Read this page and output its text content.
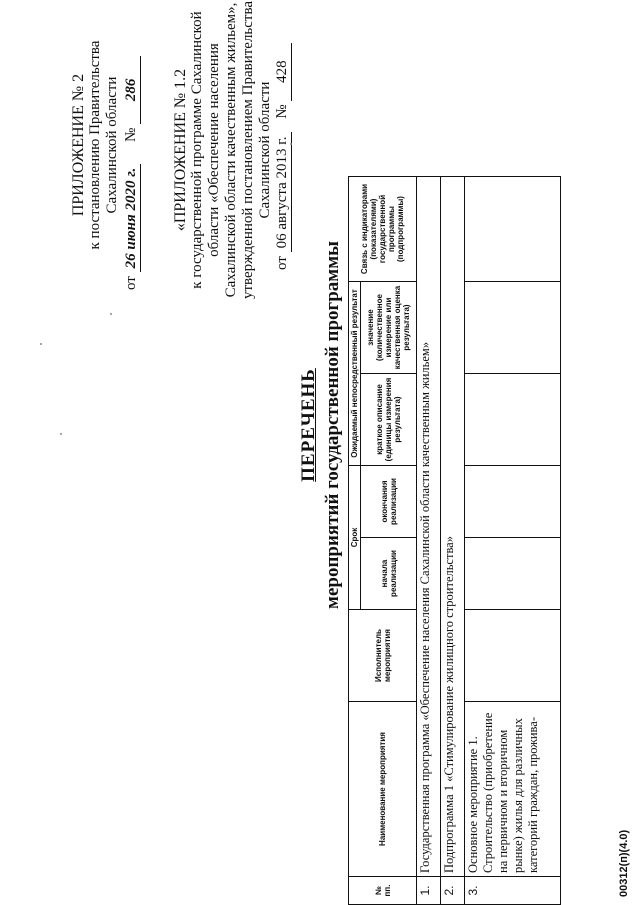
ПРИЛОЖЕНИЕ № 2 к постановлению Правительства Сахалинской области
от 26 июня 2020 г. № 286 «ПРИЛОЖЕНИЕ № 1.2 к государственной программе Сахалинской области «Обеспечение населения Сахалинской области качественным жильем», утвержденной постановлением Правительства Сахалинской области
от 06 августа 2013 г. № 428
ПЕРЕЧЕНЬ мероприятий государственной программы
№ пп.	Наименование мероприятия	Исполнитель мероприятия	Срок		Ожидаемый непосредственный результат		Связь с индикаторами (показателями) государственной программы (подпрограммы)
			начала реализации	окончания реализации	краткое описание (единицы измерения результата)	значение (количественное измерение или качественная оценка результата)	
1.	Государственная программа «Обеспечение населения Сахалинской области качественным жильем»						
2.	Подпрограмма 1 «Стимулирование жилищного строительства»						
3.	Основное мероприятие 1. Строительство (приобретение на первичном и вторичном рынке) жилья для различных категорий граждан, прожива-						
							00312(п)(4.0)
